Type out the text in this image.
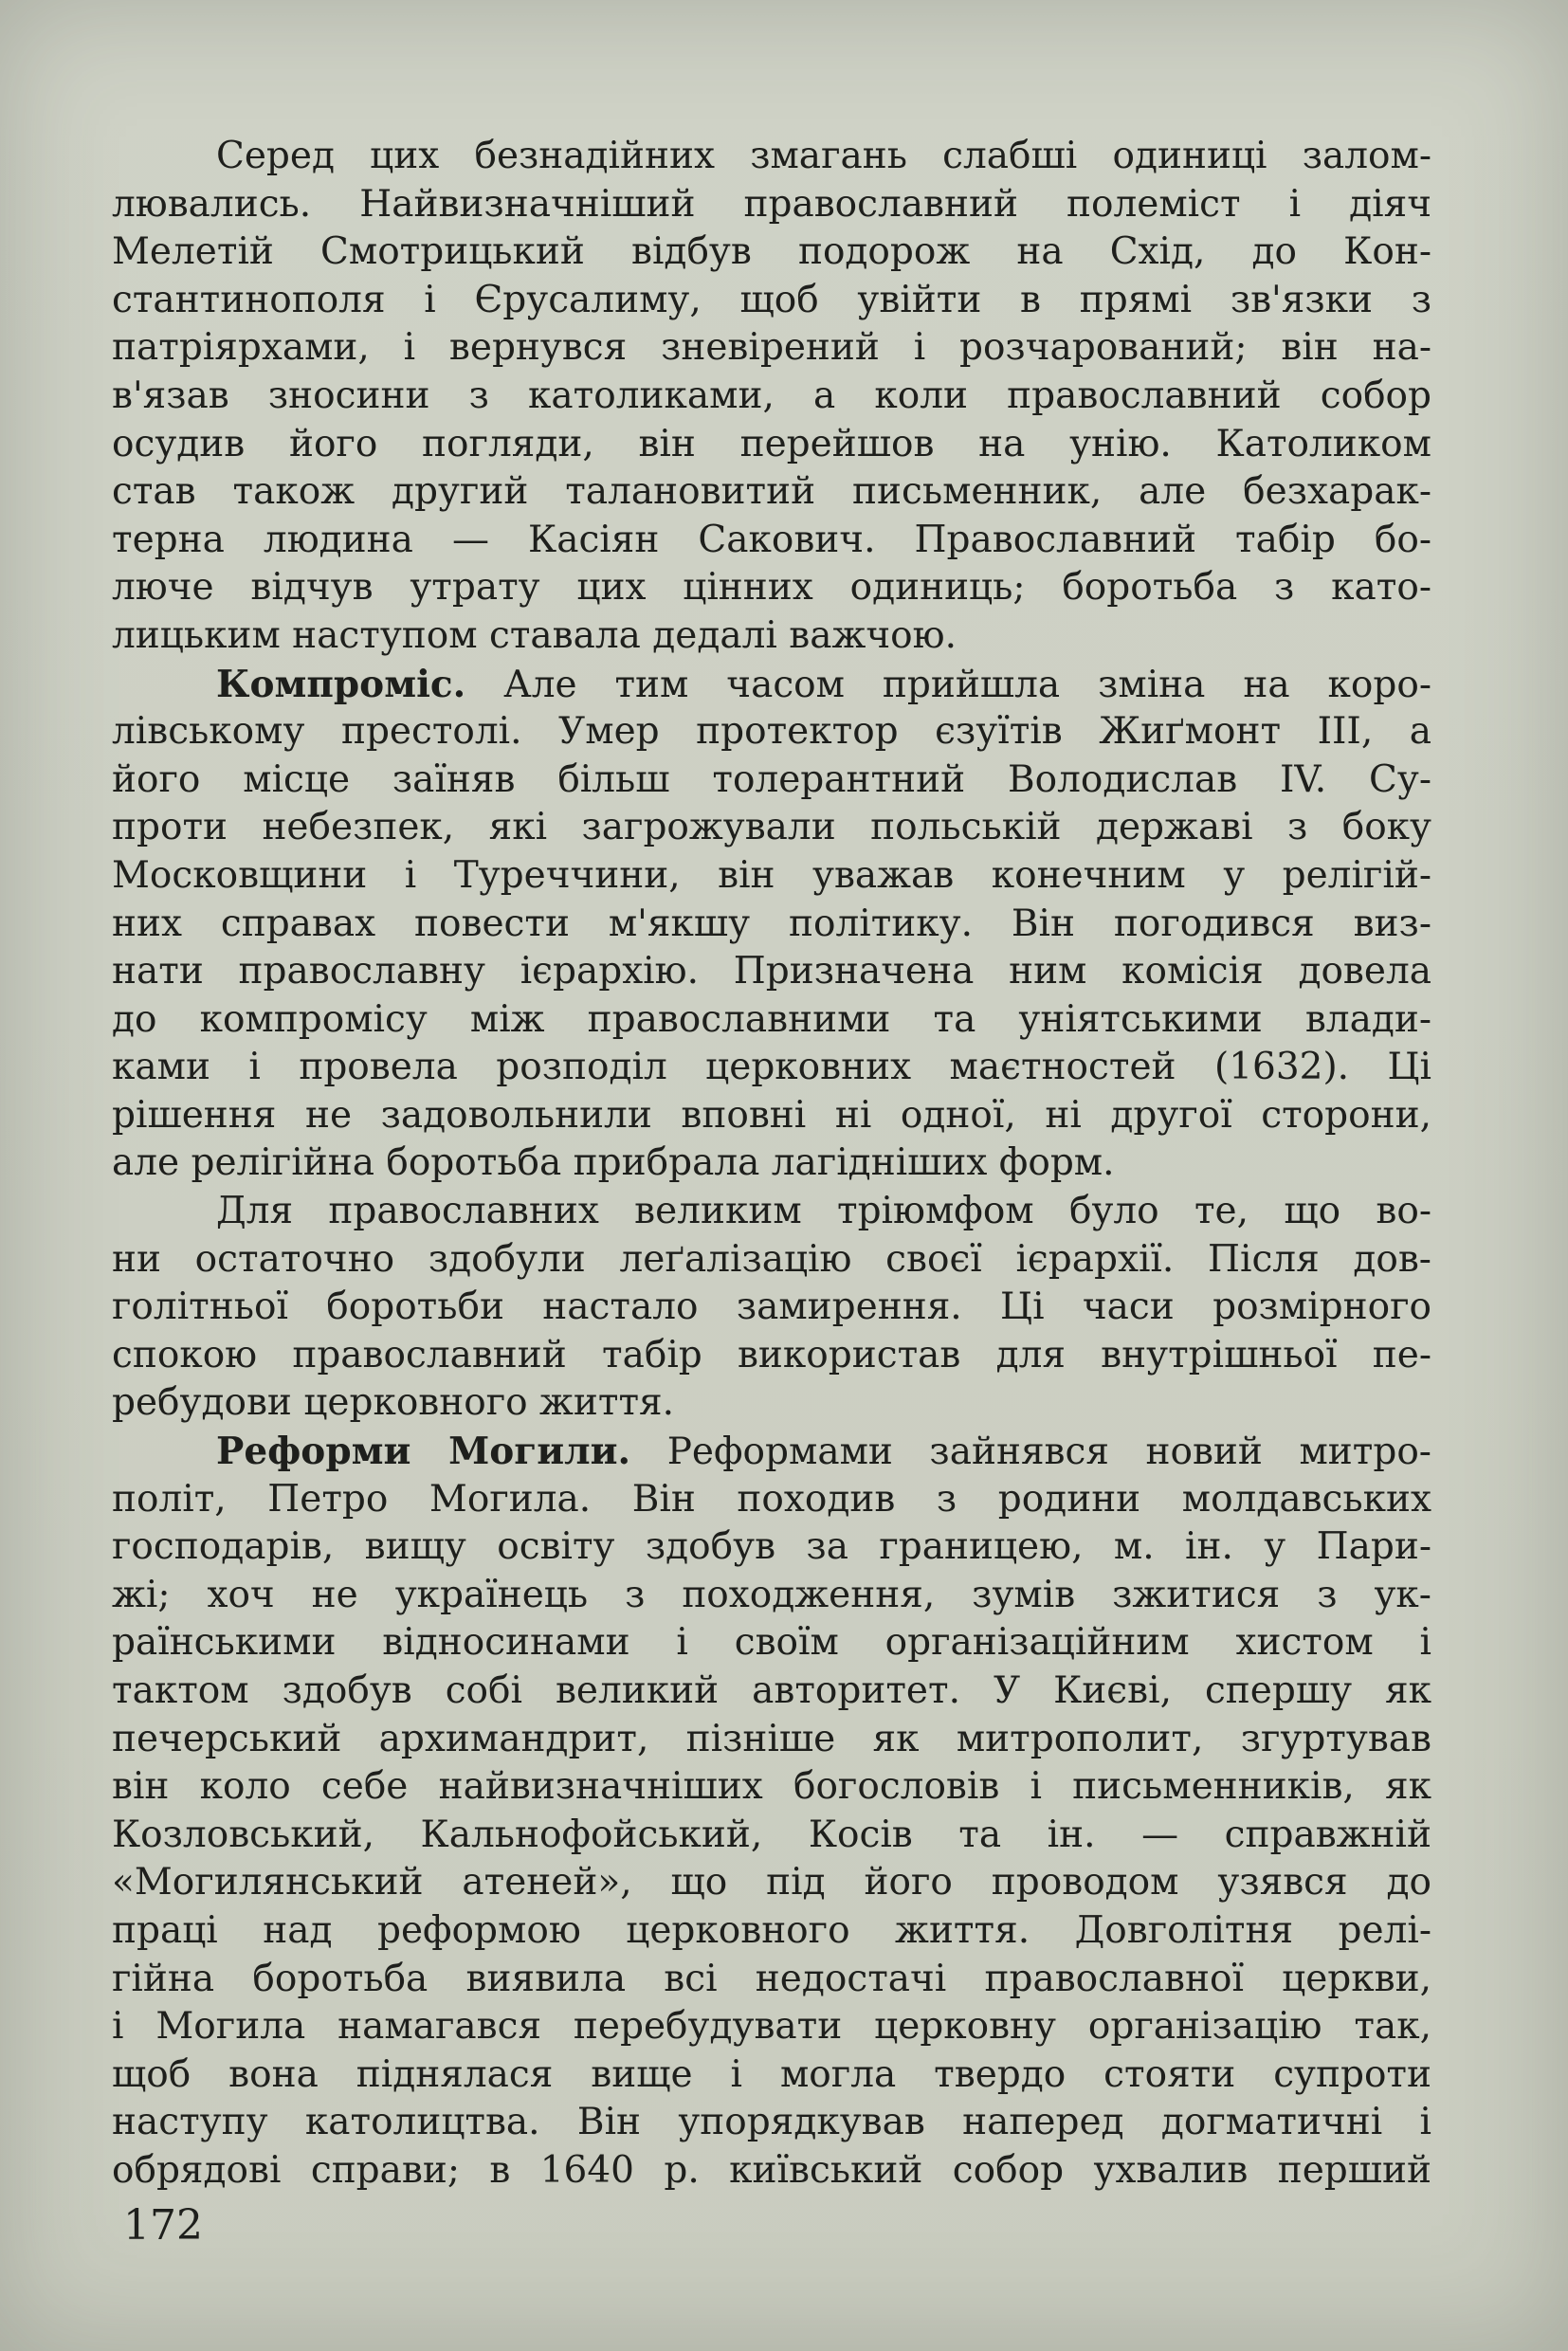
Серед цих безнадійних змагань слабші одиниці залом-
лювались. Найвизначніший православний полеміст і діяч
Мелетій Смотрицький відбув подорож на Схід, до Кон-
стантинополя і Єрусалиму, щоб увійти в прямі зв'язки з
патріярхами, і вернувся зневірений і розчарований; він на-
в'язав зносини з католиками, а коли православний собор
осудив його погляди, він перейшов на унію. Католиком
став також другий талановитий письменник, але безхарак-
терна людина — Касіян Сакович. Православний табір бо-
люче відчув утрату цих цінних одиниць; боротьба з като-
лицьким наступом ставала дедалі важчою.
Компроміс. Але тим часом прийшла зміна на коро-
лівському престолі. Умер протектор єзуїтів Жиґмонт III, а
його місце заїняв більш толерантний Володислав IV. Су-
проти небезпек, які загрожували польській державі з боку
Московщини і Туреччини, він уважав конечним у релігій-
них справах повести м'якшу політику. Він погодився виз-
нати православну ієрархію. Призначена ним комісія довела
до компромісу між православними та уніятськими влади-
ками і провела розподіл церковних маєтностей (1632). Ці
рішення не задовольнили вповні ні одної, ні другої сторони,
але релігійна боротьба прибрала лагідніших форм.
Для православних великим тріюмфом було те, що во-
ни остаточно здобули леґалізацію своєї ієрархії. Після дов-
голітньої боротьби настало замирення. Ці часи розмірного
спокою православний табір використав для внутрішньої пе-
ребудови церковного життя.
Реформи Могили. Реформами зайнявся новий митро-
політ, Петро Могила. Він походив з родини молдавських
господарів, вищу освіту здобув за границею, м. ін. у Пари-
жі; хоч не українець з походження, зумів зжитися з ук-
раїнськими відносинами і своїм організаційним хистом і
тактом здобув собі великий авторитет. У Києві, спершу як
печерський архимандрит, пізніше як митрополит, згуртував
він коло себе найвизначніших богословів і письменників, як
Козловський, Кальнофойський, Косів та ін. — справжній
«Могилянський атеней», що під його проводом узявся до
праці над реформою церковного життя. Довголітня релі-
гійна боротьба виявила всі недостачі православної церкви,
і Могила намагався перебудувати церковну організацію так,
щоб вона піднялася вище і могла твердо стояти супроти
наступу католицтва. Він упорядкував наперед догматичні і
обрядові справи; в 1640 р. київський собор ухвалив перший
172
